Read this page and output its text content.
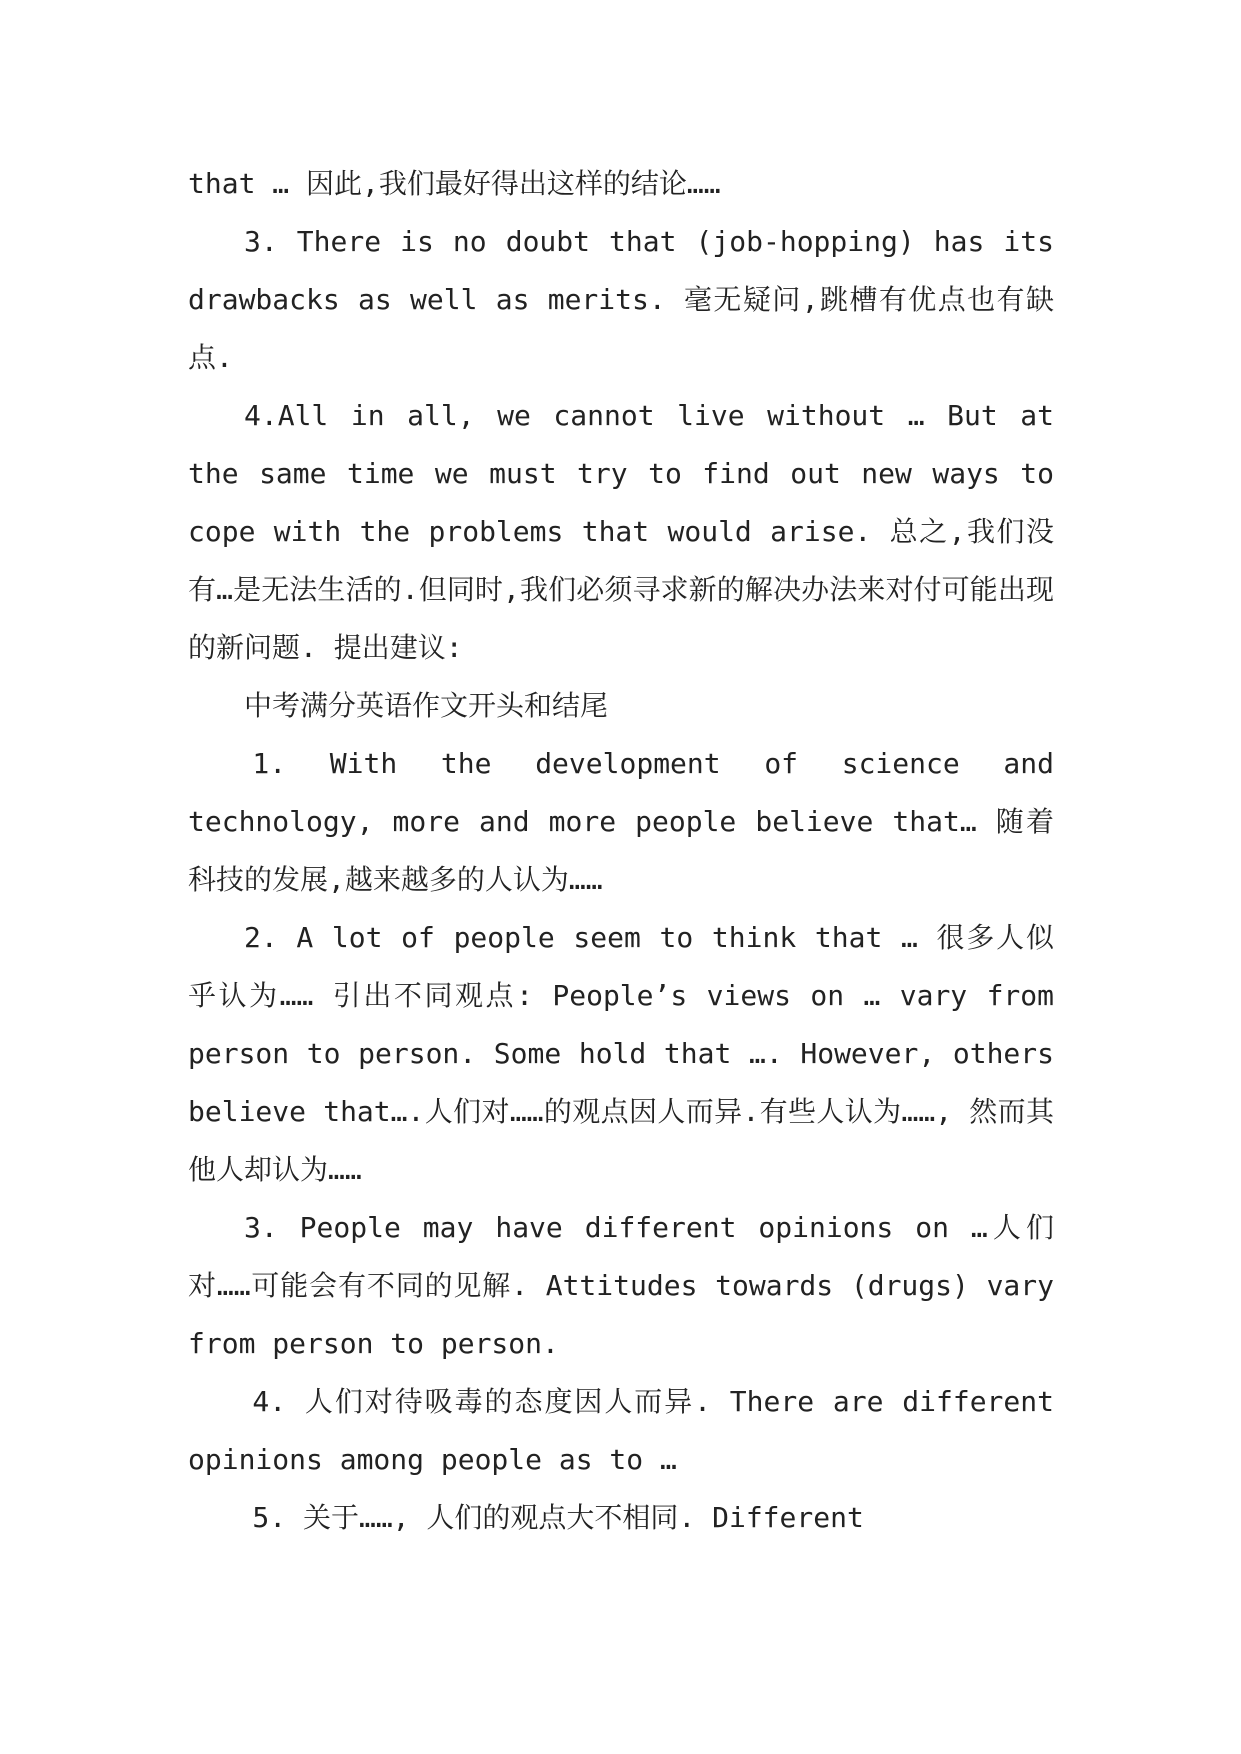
that … 因此,我们最好得出这样的结论……

3. There is no doubt that (job-hopping) has its drawbacks as well as merits. 毫无疑问,跳槽有优点也有缺点.

4.All in all, we cannot live without … But at the same time we must try to find out new ways to cope with the problems that would arise. 总之,我们没有…是无法生活的.但同时,我们必须寻求新的解决办法来对付可能出现的新问题. 提出建议:

中考满分英语作文开头和结尾

1. With the development of science and technology, more and more people believe that… 随着科技的发展,越来越多的人认为……

2. A lot of people seem to think that … 很多人似乎认为…… 引出不同观点: People’s views on … vary from person to person. Some hold that …. However, others believe that….人们对……的观点因人而异.有些人认为……, 然而其他人却认为……

3. People may have different opinions on …人们对……可能会有不同的见解. Attitudes towards (drugs) vary from person to person.

4. 人们对待吸毒的态度因人而异. There are different opinions among people as to …

5. 关于……, 人们的观点大不相同. Different
